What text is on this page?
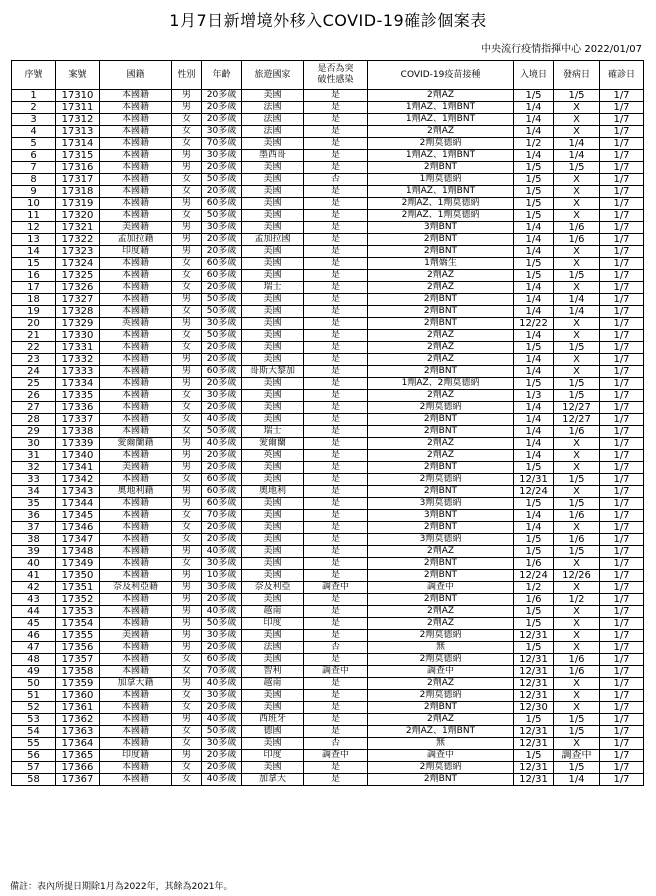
1月7日新增境外移入COVID-19確診個案表
中央流行疫情指揮中心 2022/01/07
序號	案號	國籍	性別	年齡	旅遊國家	是否為突破性感染	COVID-19疫苗接種	入境日	發病日	確診日
1	17310	本國籍	男	20多歲	美國	是	2劑AZ	1/5	1/5	1/7
2	17311	本國籍	男	20多歲	法國	是	1劑AZ、1劑BNT	1/4	X	1/7
3	17312	本國籍	女	20多歲	法國	是	1劑AZ、1劑BNT	1/4	X	1/7
4	17313	本國籍	女	30多歲	法國	是	2劑AZ	1/4	X	1/7
5	17314	本國籍	女	70多歲	美國	是	2劑莫德納	1/2	1/4	1/7
6	17315	本國籍	男	30多歲	墨西哥	是	1劑AZ、1劑BNT	1/4	1/4	1/7
7	17316	本國籍	男	20多歲	美國	是	2劑BNT	1/5	1/5	1/7
8	17317	本國籍	女	50多歲	美國	否	1劑莫德納	1/5	X	1/7
9	17318	本國籍	女	20多歲	美國	是	1劑AZ、1劑BNT	1/5	X	1/7
10	17319	本國籍	男	60多歲	美國	是	2劑AZ、1劑莫德納	1/5	X	1/7
11	17320	本國籍	女	50多歲	美國	是	2劑AZ、1劑莫德納	1/5	X	1/7
12	17321	美國籍	男	30多歲	美國	是	3劑BNT	1/4	1/6	1/7
13	17322	孟加拉籍	男	20多歲	孟加拉國	是	2劑BNT	1/4	1/6	1/7
14	17323	印度籍	男	20多歲	美國	是	2劑BNT	1/4	X	1/7
15	17324	本國籍	女	60多歲	美國	是	1劑嬌生	1/5	X	1/7
16	17325	本國籍	女	60多歲	美國	是	2劑AZ	1/5	1/5	1/7
17	17326	本國籍	女	20多歲	瑞士	是	2劑AZ	1/4	X	1/7
18	17327	本國籍	男	50多歲	美國	是	2劑BNT	1/4	1/4	1/7
19	17328	本國籍	女	50多歲	美國	是	2劑BNT	1/4	1/4	1/7
20	17329	英國籍	男	30多歲	美國	是	2劑BNT	12/22	X	1/7
21	17330	本國籍	女	50多歲	美國	是	2劑AZ	1/4	X	1/7
22	17331	本國籍	女	20多歲	美國	是	2劑AZ	1/5	1/5	1/7
23	17332	本國籍	男	20多歲	美國	是	2劑AZ	1/4	X	1/7
24	17333	本國籍	男	60多歲	哥斯大黎加	是	2劑BNT	1/4	X	1/7
25	17334	本國籍	男	20多歲	美國	是	1劑AZ、2劑莫德納	1/5	1/5	1/7
26	17335	本國籍	女	30多歲	美國	是	2劑AZ	1/3	1/5	1/7
27	17336	本國籍	女	20多歲	美國	是	2劑莫德納	1/4	12/27	1/7
28	17337	本國籍	女	40多歲	美國	是	2劑BNT	1/4	12/27	1/7
29	17338	本國籍	女	50多歲	瑞士	是	2劑BNT	1/4	1/6	1/7
30	17339	愛爾蘭籍	男	40多歲	愛爾蘭	是	2劑AZ	1/4	X	1/7
31	17340	本國籍	男	20多歲	英國	是	2劑AZ	1/4	X	1/7
32	17341	美國籍	男	20多歲	美國	是	2劑BNT	1/5	X	1/7
33	17342	本國籍	女	60多歲	美國	是	2劑莫德納	12/31	1/5	1/7
34	17343	奧地利籍	男	60多歲	奧地利	是	2劑BNT	12/24	X	1/7
35	17344	本國籍	男	60多歲	美國	是	3劑莫德納	1/5	1/5	1/7
36	17345	本國籍	女	70多歲	美國	是	3劑BNT	1/4	1/6	1/7
37	17346	本國籍	女	20多歲	美國	是	2劑BNT	1/4	X	1/7
38	17347	本國籍	女	20多歲	美國	是	3劑莫德納	1/5	1/6	1/7
39	17348	本國籍	男	40多歲	美國	是	2劑AZ	1/5	1/5	1/7
40	17349	本國籍	女	30多歲	美國	是	2劑BNT	1/6	X	1/7
41	17350	本國籍	男	10多歲	美國	是	2劑BNT	12/24	12/26	1/7
42	17351	奈及利亞籍	男	30多歲	奈及利亞	調查中	調查中	1/2	X	1/7
43	17352	本國籍	男	20多歲	美國	是	2劑BNT	1/6	1/2	1/7
44	17353	本國籍	男	40多歲	越南	是	2劑AZ	1/5	X	1/7
45	17354	本國籍	男	50多歲	印度	是	2劑AZ	1/5	X	1/7
46	17355	美國籍	男	30多歲	美國	是	2劑莫德納	12/31	X	1/7
47	17356	本國籍	男	20多歲	法國	否	無	1/5	X	1/7
48	17357	本國籍	女	60多歲	美國	是	2劑莫德納	12/31	1/6	1/7
49	17358	本國籍	女	70多歲	智利	調查中	調查中	12/31	1/6	1/7
50	17359	加拿大籍	男	40多歲	越南	是	2劑AZ	12/31	X	1/7
51	17360	本國籍	女	30多歲	美國	是	2劑莫德納	12/31	X	1/7
52	17361	本國籍	女	20多歲	美國	是	2劑BNT	12/30	X	1/7
53	17362	本國籍	男	40多歲	西班牙	是	2劑AZ	1/5	1/5	1/7
54	17363	本國籍	女	50多歲	德國	是	2劑AZ、1劑BNT	12/31	1/5	1/7
55	17364	本國籍	女	30多歲	美國	否	無	12/31	X	1/7
56	17365	印度籍	男	20多歲	印度	調查中	調查中	1/5	調查中	1/7
57	17366	本國籍	女	20多歲	美國	是	2劑莫德納	12/31	1/5	1/7
58	17367	本國籍	女	40多歲	加拿大	是	2劑BNT	12/31	1/4	1/7
備註：表內所提日期除1月為2022年，其餘為2021年。
